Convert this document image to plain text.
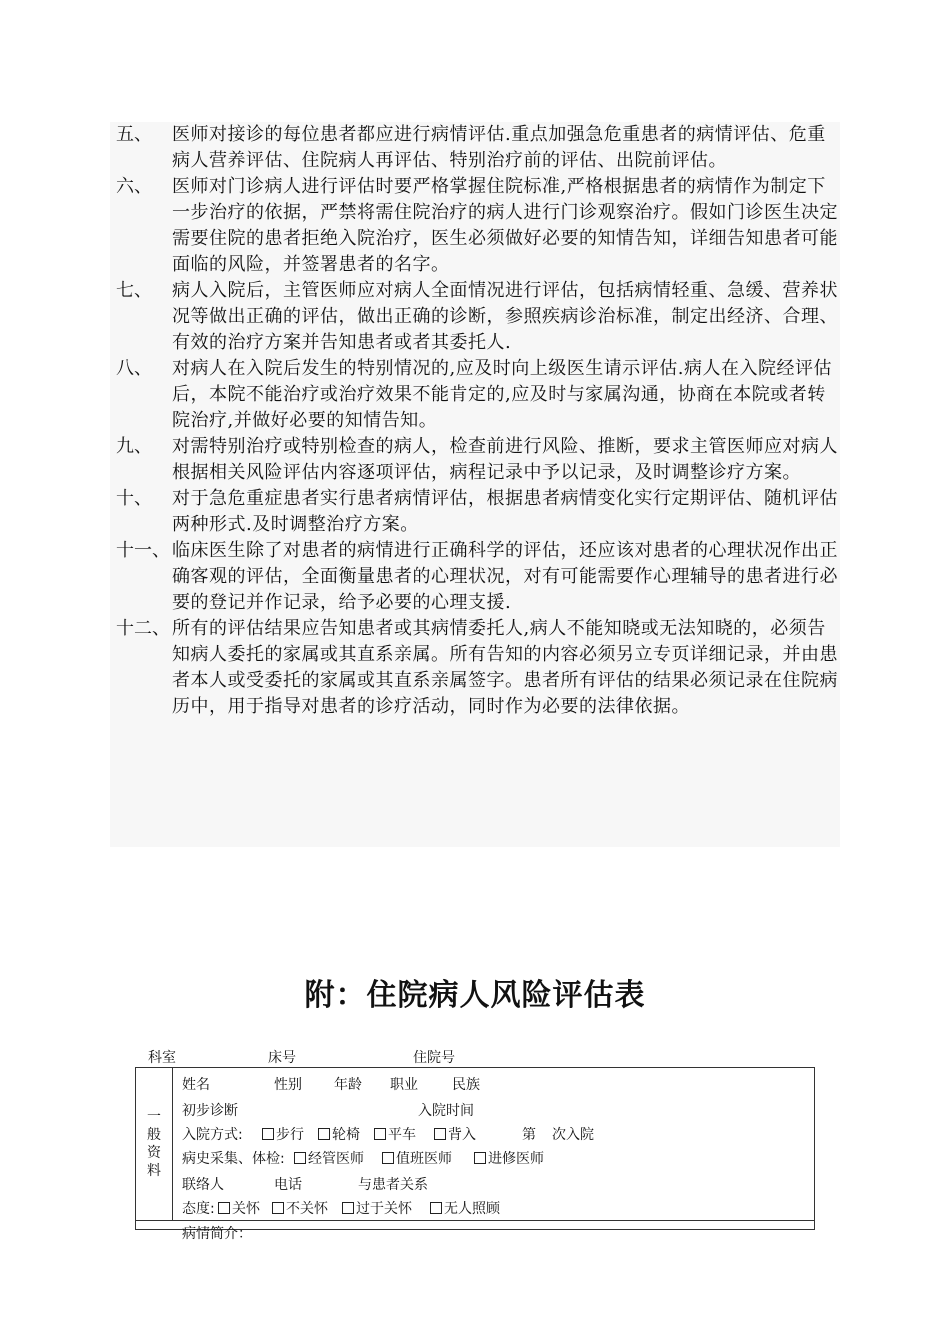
五、	医师对接诊的每位患者都应进行病情评估.重点加强急危重患者的病情评估、危重病人营养评估、住院病人再评估、特别治疗前的评估、出院前评估。
六、	医师对门诊病人进行评估时要严格掌握住院标准,严格根据患者的病情作为制定下一步治疗的依据，严禁将需住院治疗的病人进行门诊观察治疗。假如门诊医生决定需要住院的患者拒绝入院治疗，医生必须做好必要的知情告知，详细告知患者可能面临的风险，并签署患者的名字。
七、	病人入院后，主管医师应对病人全面情况进行评估，包括病情轻重、急缓、营养状况等做出正确的评估，做出正确的诊断，参照疾病诊治标准，制定出经济、合理、有效的治疗方案并告知患者或者其委托人.
八、	对病人在入院后发生的特别情况的,应及时向上级医生请示评估.病人在入院经评估后，本院不能治疗或治疗效果不能肯定的,应及时与家属沟通，协商在本院或者转院治疗,并做好必要的知情告知。
九、	对需特别治疗或特别检查的病人，检查前进行风险、推断，要求主管医师应对病人根据相关风险评估内容逐项评估，病程记录中予以记录，及时调整诊疗方案。
十、	对于急危重症患者实行患者病情评估，根据患者病情变化实行定期评估、随机评估两种形式.及时调整治疗方案。
十一、 临床医生除了对患者的病情进行正确科学的评估，还应该对患者的心理状况作出正确客观的评估，全面衡量患者的心理状况，对有可能需要作心理辅导的患者进行必要的登记并作记录，给予必要的心理支援.
十二、 所有的评估结果应告知患者或其病情委托人,病人不能知晓或无法知晓的，必须告知病人委托的家属或其直系亲属。所有告知的内容必须另立专页详细记录，并由患者本人或受委托的家属或其直系亲属签字。患者所有评估的结果必须记录在住院病历中，用于指导对患者的诊疗活动，同时作为必要的法律依据。
附：住院病人风险评估表
科室	床号	住院号
一
般
资
料
姓名	性别 年龄 职业 民族
初步诊断	入院时间
入院方式:	步行	轮椅	平车	背入	第 次入院
病史采集、体检:	经管医师	值班医师	进修医师
联络人	电话	与患者关系
态度:	关怀	不关怀	过于关怀	无人照顾
病情简介：
